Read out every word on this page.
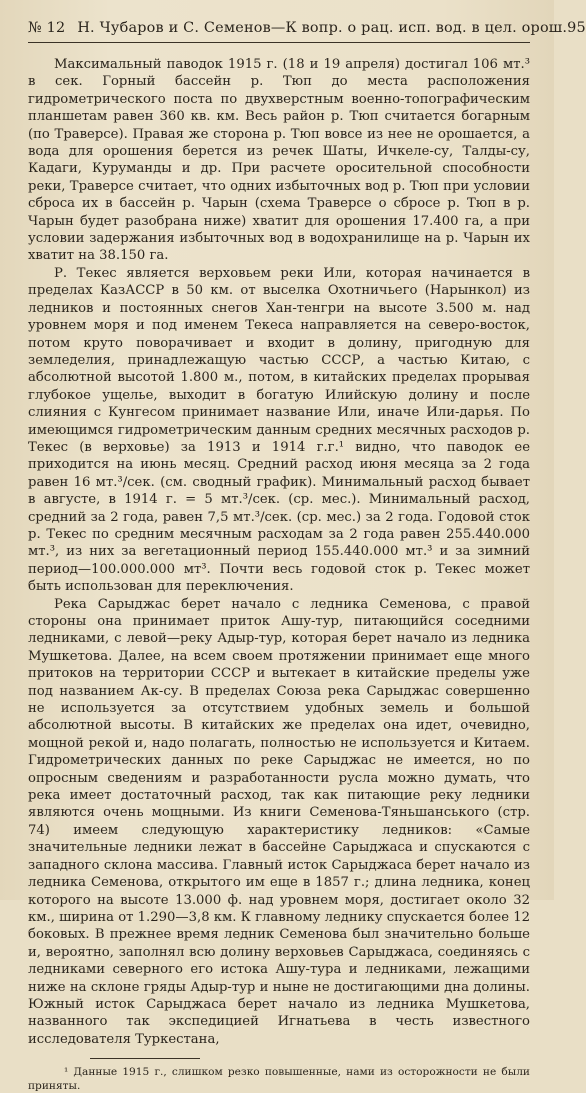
№ 12 Н. Чубаров и С. Семенов—К вопр. о рац. исп. вод. в цел. орош. 95

Максимальный паводок 1915 г. (18 и 19 апреля) достигал 106 мт.³ в сек. Горный бассейн р. Тюп до места расположения гидрометрического поста по двухверстным военно-топографическим планшетам равен 360 кв. км. Весь район р. Тюп считается богарным (по Траверсе). Правая же сторона р. Тюп вовсе из нее не орошается, а вода для орошения берется из речек Шаты, Ичкеле-су, Талды-су, Кадаги, Куруманды и др. При расчете оросительной способности реки, Траверсе считает, что одних избыточных вод р. Тюп при условии сброса их в бассейн р. Чарын (схема Траверсе о сбросе р. Тюп в р. Чарын будет разобрана ниже) хватит для орошения 17.400 га, а при условии задержания избыточных вод в водохранилище на р. Чарын их хватит на 38.150 га.

Р. Текес является верховьем реки Или, которая начинается в пределах КазАССР в 50 км. от выселка Охотничьего (Нарынкол) из ледников и постоянных снегов Хан-тенгри на высоте 3.500 м. над уровнем моря и под именем Текеса направляется на северо-восток, потом круто поворачивает и входит в долину, пригодную для земледелия, принадлежащую частью СССР, а частью Китаю, с абсолютной высотой 1.800 м., потом, в китайских пределах прорывая глубокое ущелье, выходит в богатую Илийскую долину и после слияния с Кунгесом принимает название Или, иначе Или-дарья. По имеющимся гидрометрическим данным средних месячных расходов р. Текес (в верховье) за 1913 и 1914 г.г.¹ видно, что паводок ее приходится на июнь месяц. Средний расход июня месяца за 2 года равен 16 мт.³/сек. (см. сводный график). Минимальный расход бывает в августе, в 1914 г. = 5 мт.³/сек. (ср. мес.). Минимальный расход, средний за 2 года, равен 7,5 мт.³/сек. (ср. мес.) за 2 года. Годовой сток р. Текес по средним месячным расходам за 2 года равен 255.440.000 мт.³, из них за вегетационный период 155.440.000 мт.³ и за зимний период—100.000.000 мт³. Почти весь годовой сток р. Текес может быть использован для переключения.

Река Сарыджас берет начало с ледника Семенова, с правой стороны она принимает приток Ашу-тур, питающийся соседними ледниками, с левой—реку Адыр-тур, которая берет начало из ледника Мушкетова. Далее, на всем своем протяжении принимает еще много притоков на территории СССР и вытекает в китайские пределы уже под названием Ак-су. В пределах Союза река Сарыджас совершенно не используется за отсутствием удобных земель и большой абсолютной высоты. В китайских же пределах она идет, очевидно, мощной рекой и, надо полагать, полностью не используется и Китаем. Гидрометрических данных по реке Сарыджас не имеется, но по опросным сведениям и разработанности русла можно думать, что река имеет достаточный расход, так как питающие реку ледники являются очень мощными. Из книги Семенова-Тяньшанського (стр. 74) имеем следующую характеристику ледников: «Самые значительные ледники лежат в бассейне Сарыджаса и спускаются с западного склона массива. Главный исток Сарыджаса берет начало из ледника Семенова, открытого им еще в 1857 г.; длина ледника, конец которого на высоте 13.000 ф. над уровнем моря, достигает около 32 км., ширина от 1.290—3,8 км. К главному леднику спускается более 12 боковых. В прежнее время ледник Семенова был значительно больше и, вероятно, заполнял всю долину верховьев Сарыджаса, соединяясь с ледниками северного его истока Ашу-тура и ледниками, лежащими ниже на склоне гряды Адыр-тур и ныне не достигающими дна долины. Южный исток Сарыджаса берет начало из ледника Мушкетова, названного так экспедицией Игнатьева в честь известного исследователя Туркестана,

¹ Данные 1915 г., слишком резко повышенные, нами из осторожности не были приняты.
